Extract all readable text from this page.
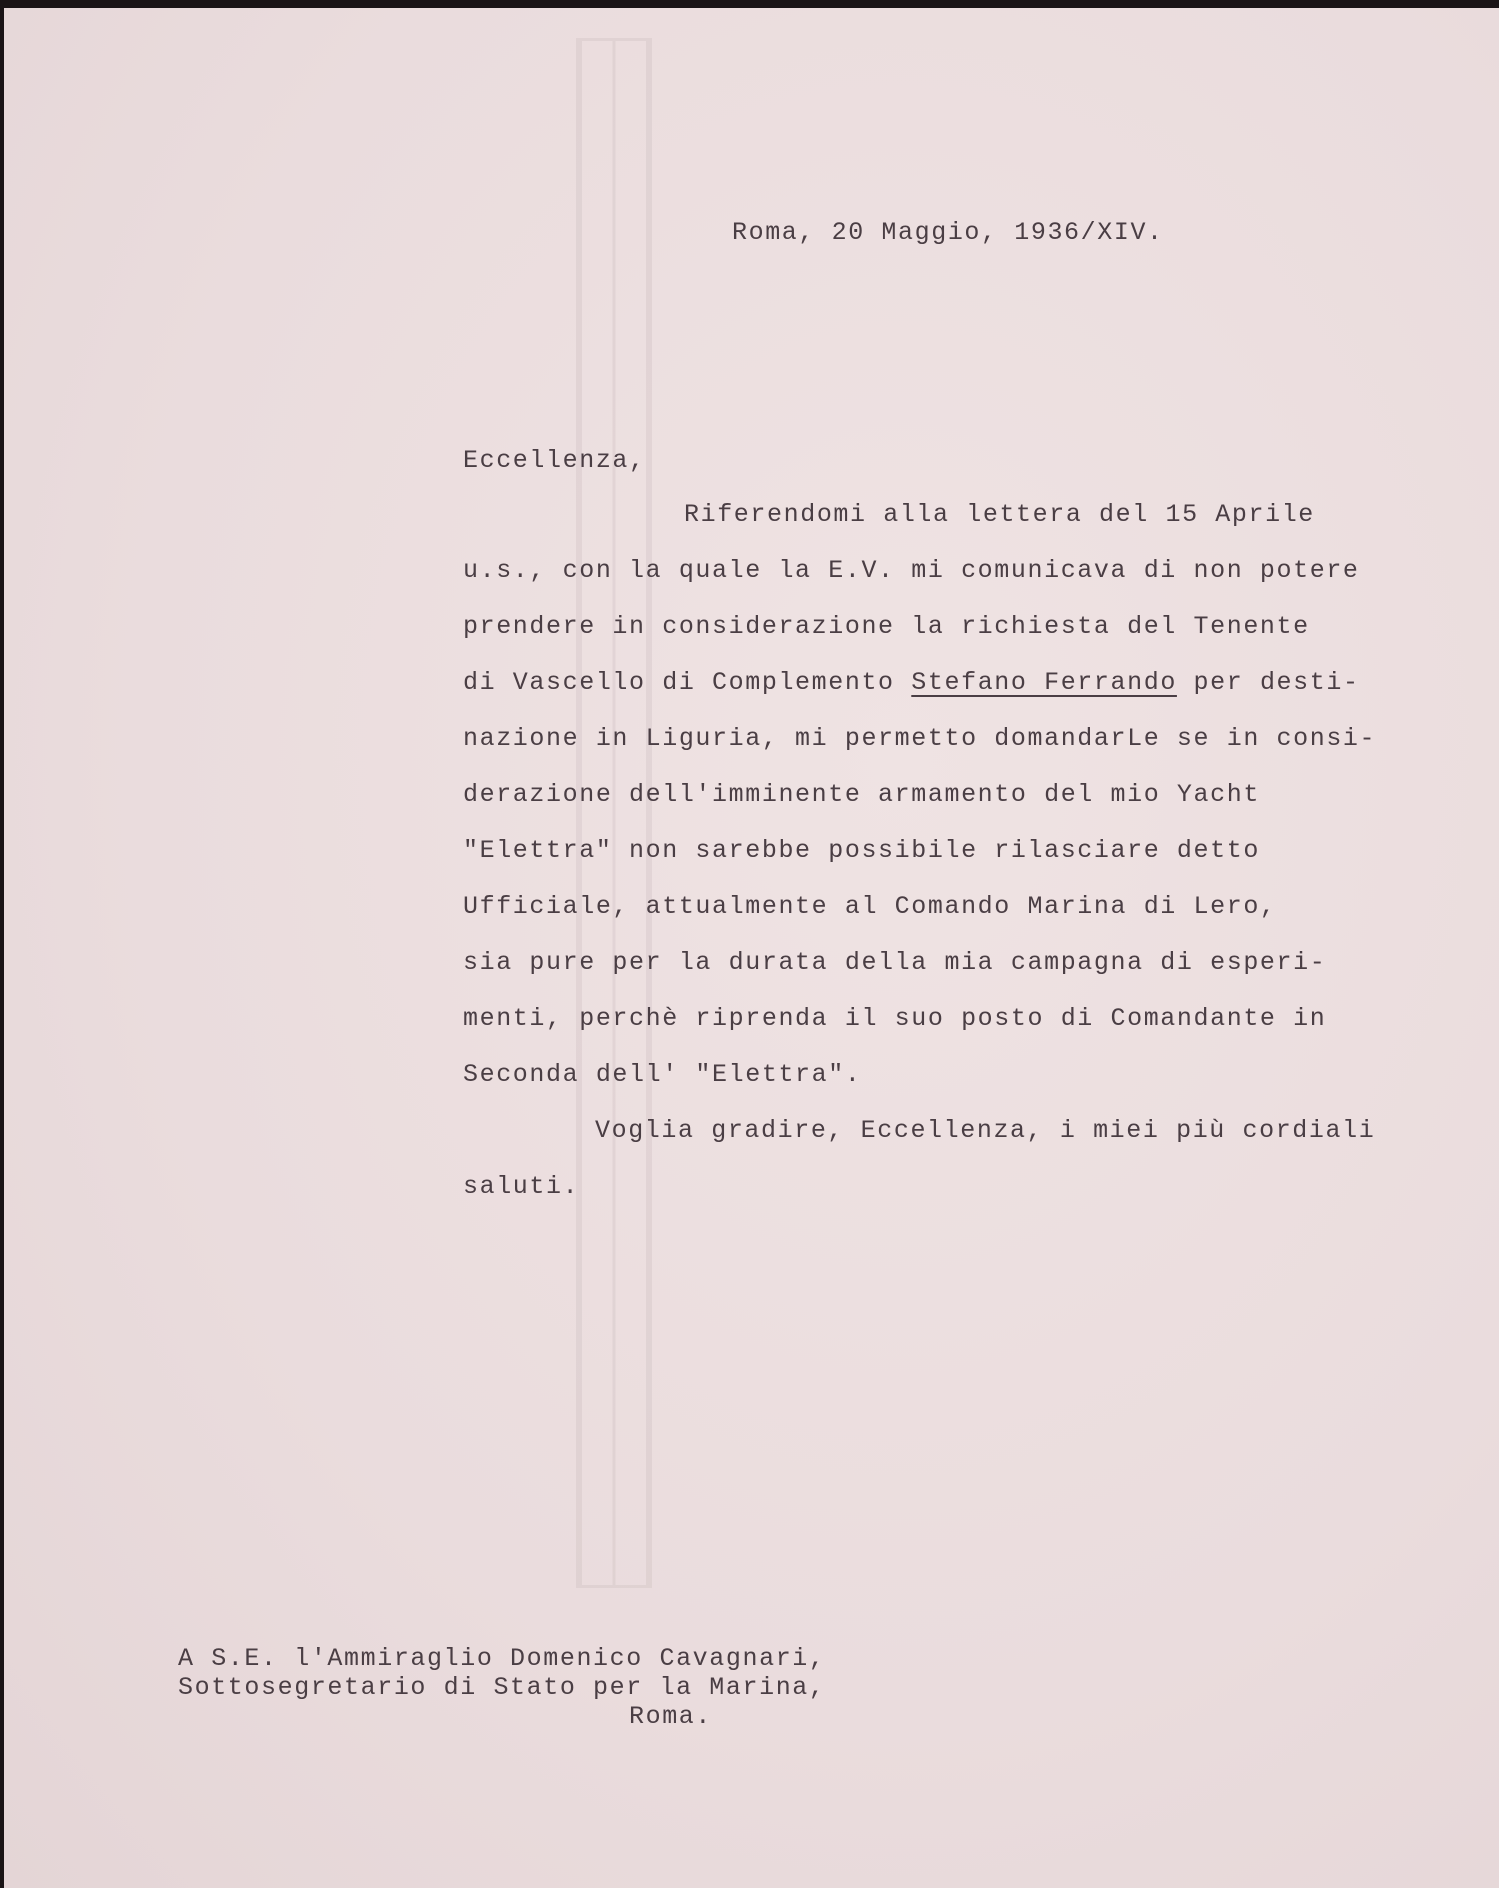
Roma, 20 Maggio, 1936/XIV.
Eccellenza,
Riferendomi alla lettera del 15 Aprile
u.s., con la quale la E.V. mi comunicava di non potere
prendere in considerazione la richiesta del Tenente
di Vascello di Complemento Stefano Ferrando per desti-
nazione in Liguria, mi permetto domandarLe se in consi-
derazione dell'imminente armamento del mio Yacht
"Elettra" non sarebbe possibile rilasciare detto
Ufficiale, attualmente al Comando Marina di Lero,
sia pure per la durata della mia campagna di esperi-
menti, perchè riprenda il suo posto di Comandante in
Seconda dell' "Elettra".
Voglia gradire, Eccellenza, i miei più cordiali
saluti.
A S.E. l'Ammiraglio Domenico Cavagnari,
Sottosegretario di Stato per la Marina,
Roma.
